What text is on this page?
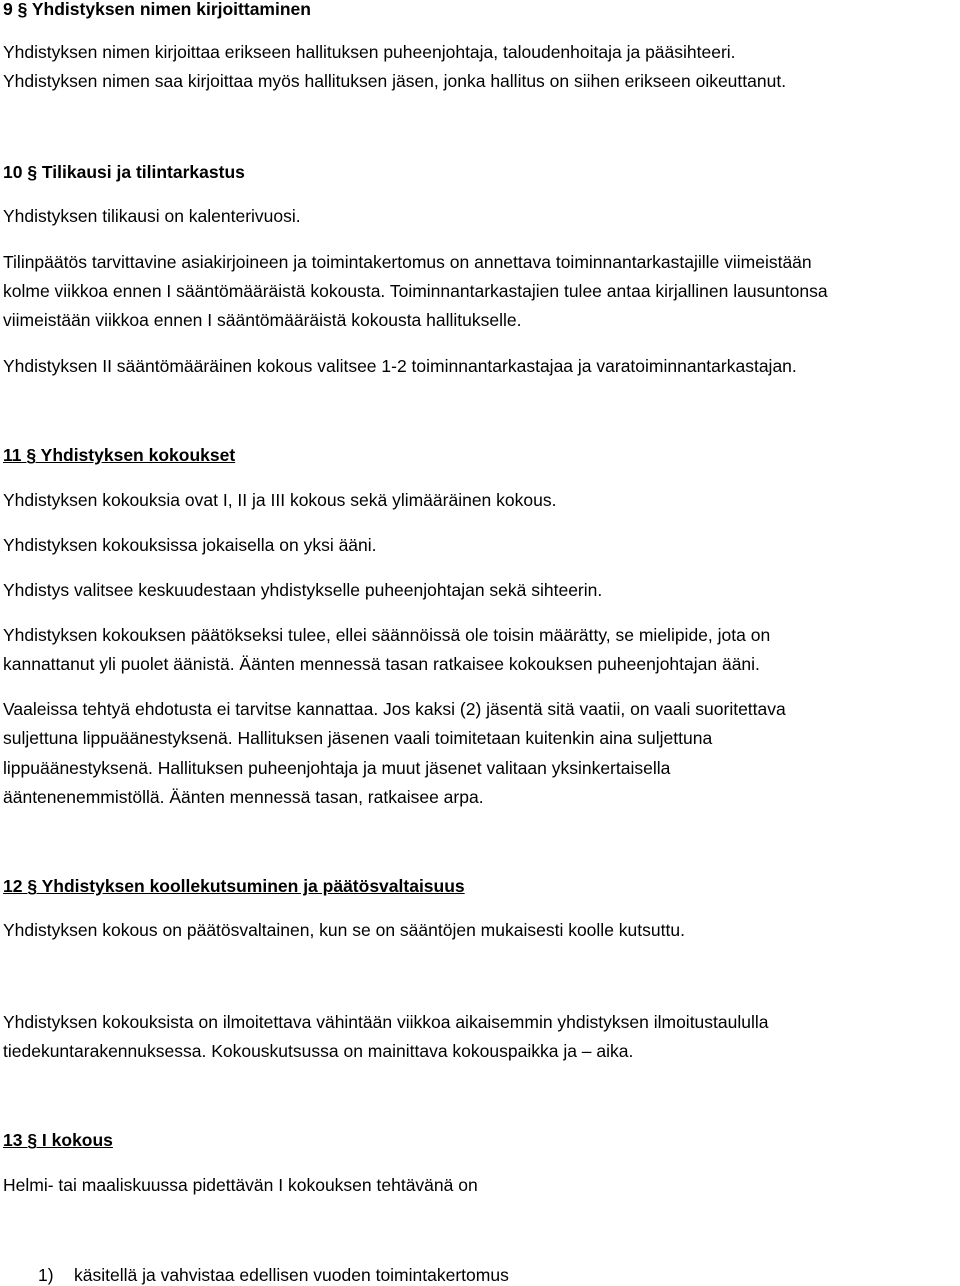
9 § Yhdistyksen nimen kirjoittaminen
Yhdistyksen nimen kirjoittaa erikseen hallituksen puheenjohtaja, taloudenhoitaja ja pääsihteeri.
Yhdistyksen nimen saa kirjoittaa myös hallituksen jäsen, jonka hallitus on siihen erikseen oikeuttanut.
10 § Tilikausi ja tilintarkastus
Yhdistyksen tilikausi on kalenterivuosi.
Tilinpäätös tarvittavine asiakirjoineen ja toimintakertomus on annettava toiminnantarkastajille viimeistään
kolme viikkoa ennen I sääntömääräistä kokousta. Toiminnantarkastajien tulee antaa kirjallinen lausuntonsa
viimeistään viikkoa ennen I sääntömääräistä kokousta hallitukselle.
Yhdistyksen II sääntömääräinen kokous valitsee 1-2 toiminnantarkastajaa ja varatoiminnantarkastajan.
11 § Yhdistyksen kokoukset
Yhdistyksen kokouksia ovat I, II ja III kokous sekä ylimääräinen kokous.
Yhdistyksen kokouksissa jokaisella on yksi ääni.
Yhdistys valitsee keskuudestaan yhdistykselle puheenjohtajan sekä sihteerin.
Yhdistyksen kokouksen päätökseksi tulee, ellei säännöissä ole toisin määrätty, se mielipide, jota on
kannattanut yli puolet äänistä. Äänten mennessä tasan ratkaisee kokouksen puheenjohtajan ääni.
Vaaleissa tehtyä ehdotusta ei tarvitse kannattaa. Jos kaksi (2) jäsentä sitä vaatii, on vaali suoritettava
suljettuna lippuäänestyksenä. Hallituksen jäsenen vaali toimitetaan kuitenkin aina suljettuna
lippuäänestyksenä. Hallituksen puheenjohtaja ja muut jäsenet valitaan yksinkertaisella
ääntenenemmistöllä. Äänten mennessä tasan, ratkaisee arpa.
12 § Yhdistyksen koollekutsuminen ja päätösvaltaisuus
Yhdistyksen kokous on päätösvaltainen, kun se on sääntöjen mukaisesti koolle kutsuttu.
Yhdistyksen kokouksista on ilmoitettava vähintään viikkoa aikaisemmin yhdistyksen ilmoitustaululla
tiedekuntarakennuksessa. Kokouskutsussa on mainittava kokouspaikka ja – aika.
13 § I kokous
Helmi- tai maaliskuussa pidettävän I kokouksen tehtävänä on
1) käsitellä ja vahvistaa edellisen vuoden toimintakertomus
